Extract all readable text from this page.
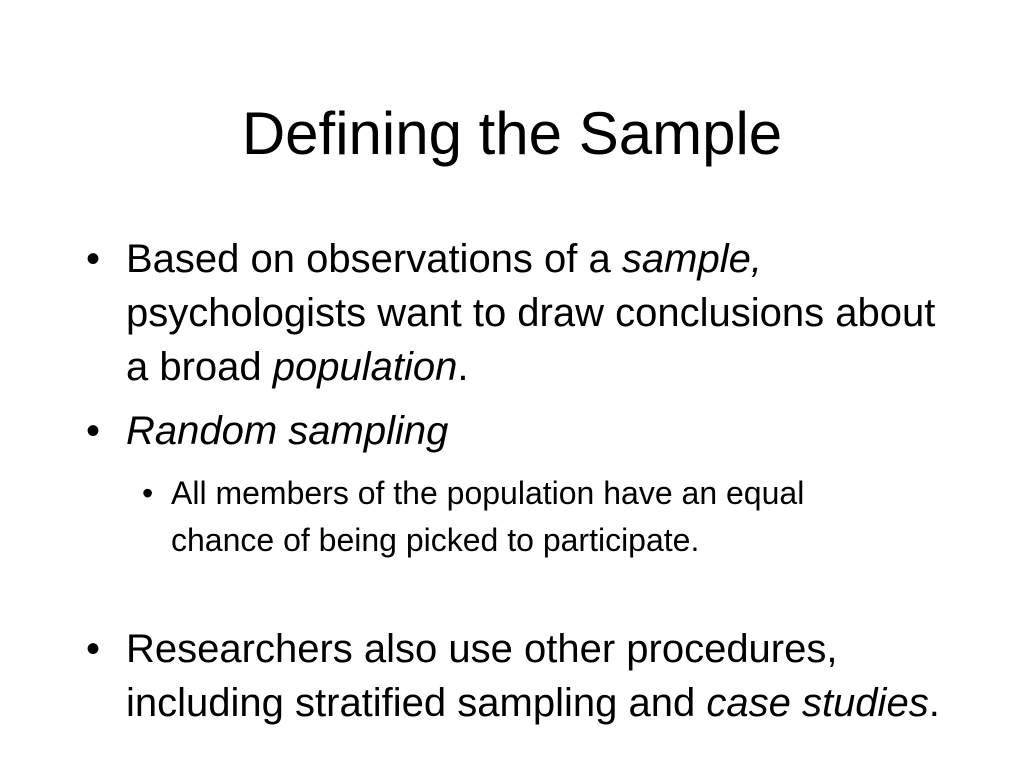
Defining the Sample
• Based on observations of a sample, psychologists want to draw conclusions about a broad population.
• Random sampling
• All members of the population have an equal chance of being picked to participate.
• Researchers also use other procedures, including stratified sampling and case studies.
